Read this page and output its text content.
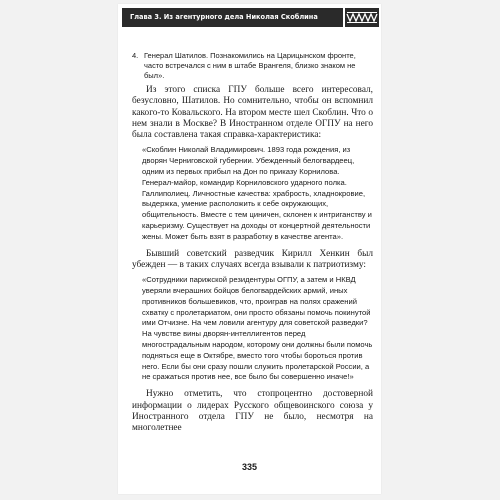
Глава 3. Из агентурного дела Николая Скоблина
4. Генерал Шатилов. Познакомились на Царицынском фронте, часто встречался с ним в штабе Врангеля, близко знаком не был».

Из этого списка ГПУ больше всего интересовал, безусловно, Шатилов. Но сомнительно, чтобы он вспомнил какого-то Ковальского. На втором месте шел Скоблин. Что о нем знали в Москве? В Иностранном отделе ОГПУ на него была составлена такая справка-характеристика:

«Скоблин Николай Владимирович. 1893 года рождения, из дворян Черниговской губернии. Убежденный белогвардеец, одним из первых прибыл на Дон по приказу Корнилова. Генерал-майор, командир Корниловского ударного полка. Галлиполиец. Личностные качества: храбрость, хладнокровие, выдержка, умение расположить к себе окружающих, общительность. Вместе с тем циничен, склонен к интриганству и карьеризму. Существует на доходы от концертной деятельности жены. Может быть взят в разработку в качестве агента».

Бывший советский разведчик Кирилл Хенкин был убежден — в таких случаях всегда взывали к патриотизму:

«Сотрудники парижской резидентуры ОГПУ, а затем и НКВД уверяли вчерашних бойцов белогвардейских армий, иных противников большевиков, что, проиграв на полях сражений схватку с пролетариатом, они просто обязаны помочь покинутой ими Отчизне. На чем ловили агентуру для советской разведки? На чувстве вины дворян-интеллигентов перед многострадальным народом, которому они должны были помочь подняться еще в Октябре, вместо того чтобы бороться против него. Если бы они сразу пошли служить пролетарской России, а не сражаться против нее, все было бы совершенно иначе!»

Нужно отметить, что стопроцентно достоверной информации о лидерах Русского общевоинского союза у Иностранного отдела ГПУ не было, несмотря на многолетнее

335
